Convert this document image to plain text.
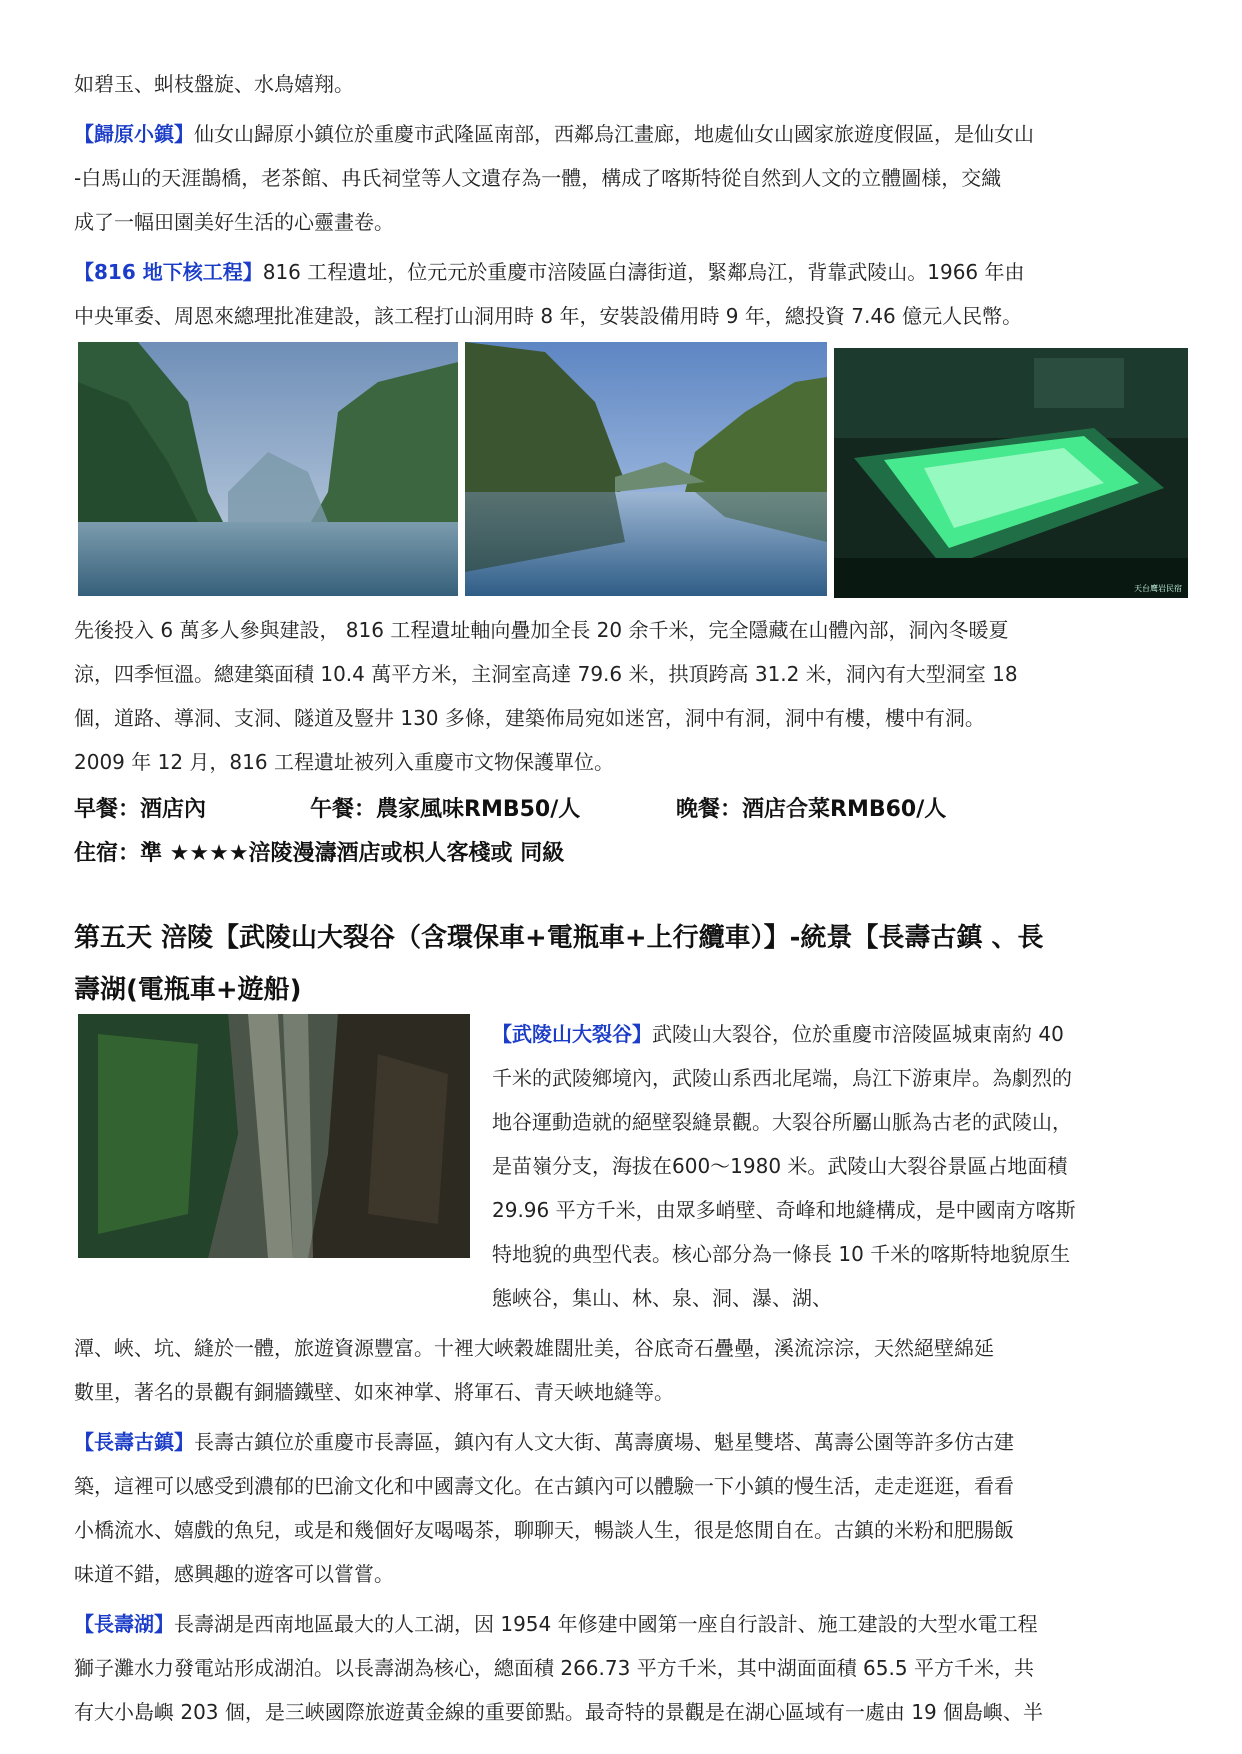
如碧玉、虯枝盤旋、水鳥嬉翔。

【歸原小鎮】仙女山歸原小鎮位於重慶市武隆區南部，西鄰烏江畫廊，地處仙女山國家旅遊度假區，是仙女山

-白馬山的天涯鵲橋，老茶館、冉氏祠堂等人文遺存為一體，構成了喀斯特從自然到人文的立體圖様，交織

成了一幅田園美好生活的心靈畫卷。

【816 地下核工程】816 工程遺址，位元元於重慶市涪陵區白濤街道，緊鄰烏江，背靠武陵山。1966 年由

中央軍委、周恩來總理批准建設，該工程打山洞用時 8 年，安裝設備用時 9 年，總投資 7.46 億元人民幣。

天台鹰岩民宿

先後投入 6 萬多人參與建設， 816 工程遺址軸向疊加全長 20 余千米，完全隱藏在山體內部，洞內冬暖夏

涼，四季恒溫。總建築面積 10.4 萬平方米，主洞室高達 79.6 米，拱頂跨高 31.2 米，洞內有大型洞室 18

個，道路、導洞、支洞、隧道及豎井 130 多條，建築佈局宛如迷宮，洞中有洞，洞中有樓，樓中有洞。

2009 年 12 月，816 工程遺址被列入重慶市文物保護單位。

早餐：酒店內	午餐：農家風味RMB50/人	晚餐：酒店合菜RMB60/人
住宿：準 ★★★★涪陵漫濤酒店或枳人客棧或 同級

第五天 涪陵【武陵山大裂谷（含環保車+電瓶車+上行纜車）】-統景【長壽古鎮 、長

壽湖(電瓶車+遊船)

【武陵山大裂谷】武陵山大裂谷，位於重慶市涪陵區城東南約 40

千米的武陵鄉境內，武陵山系西北尾端，烏江下游東岸。為劇烈的

地谷運動造就的絕壁裂縫景觀。大裂谷所屬山脈為古老的武陵山，

是苗嶺分支，海拔在600～1980 米。武陵山大裂谷景區占地面積

29.96 平方千米，由眾多峭壁、奇峰和地縫構成，是中國南方喀斯

特地貌的典型代表。核心部分為一條長 10 千米的喀斯特地貌原生

態峽谷，集山、林、泉、洞、瀑、湖、

潭、峽、坑、縫於一體，旅遊資源豐富。十裡大峽穀雄闊壯美，谷底奇石疊壘，溪流淙淙，天然絕壁綿延

數里，著名的景觀有銅牆鐵壁、如來神掌、將軍石、青天峽地縫等。

【長壽古鎮】長壽古鎮位於重慶市長壽區，鎮內有人文大街、萬壽廣場、魁星雙塔、萬壽公園等許多仿古建

築，這裡可以感受到濃郁的巴渝文化和中國壽文化。在古鎮內可以體驗一下小鎮的慢生活，走走逛逛，看看

小橋流水、嬉戲的魚兒，或是和幾個好友喝喝茶，聊聊天，暢談人生，很是悠閒自在。古鎮的米粉和肥腸飯

味道不錯，感興趣的遊客可以嘗嘗。

【長壽湖】長壽湖是西南地區最大的人工湖，因 1954 年修建中國第一座自行設計、施工建設的大型水電工程

獅子灘水力發電站形成湖泊。以長壽湖為核心，總面積 266.73 平方千米，其中湖面面積 65.5 平方千米，共

有大小島嶼 203 個，是三峽國際旅遊黃金線的重要節點。最奇特的景觀是在湖心區域有一處由 19 個島嶼、半
